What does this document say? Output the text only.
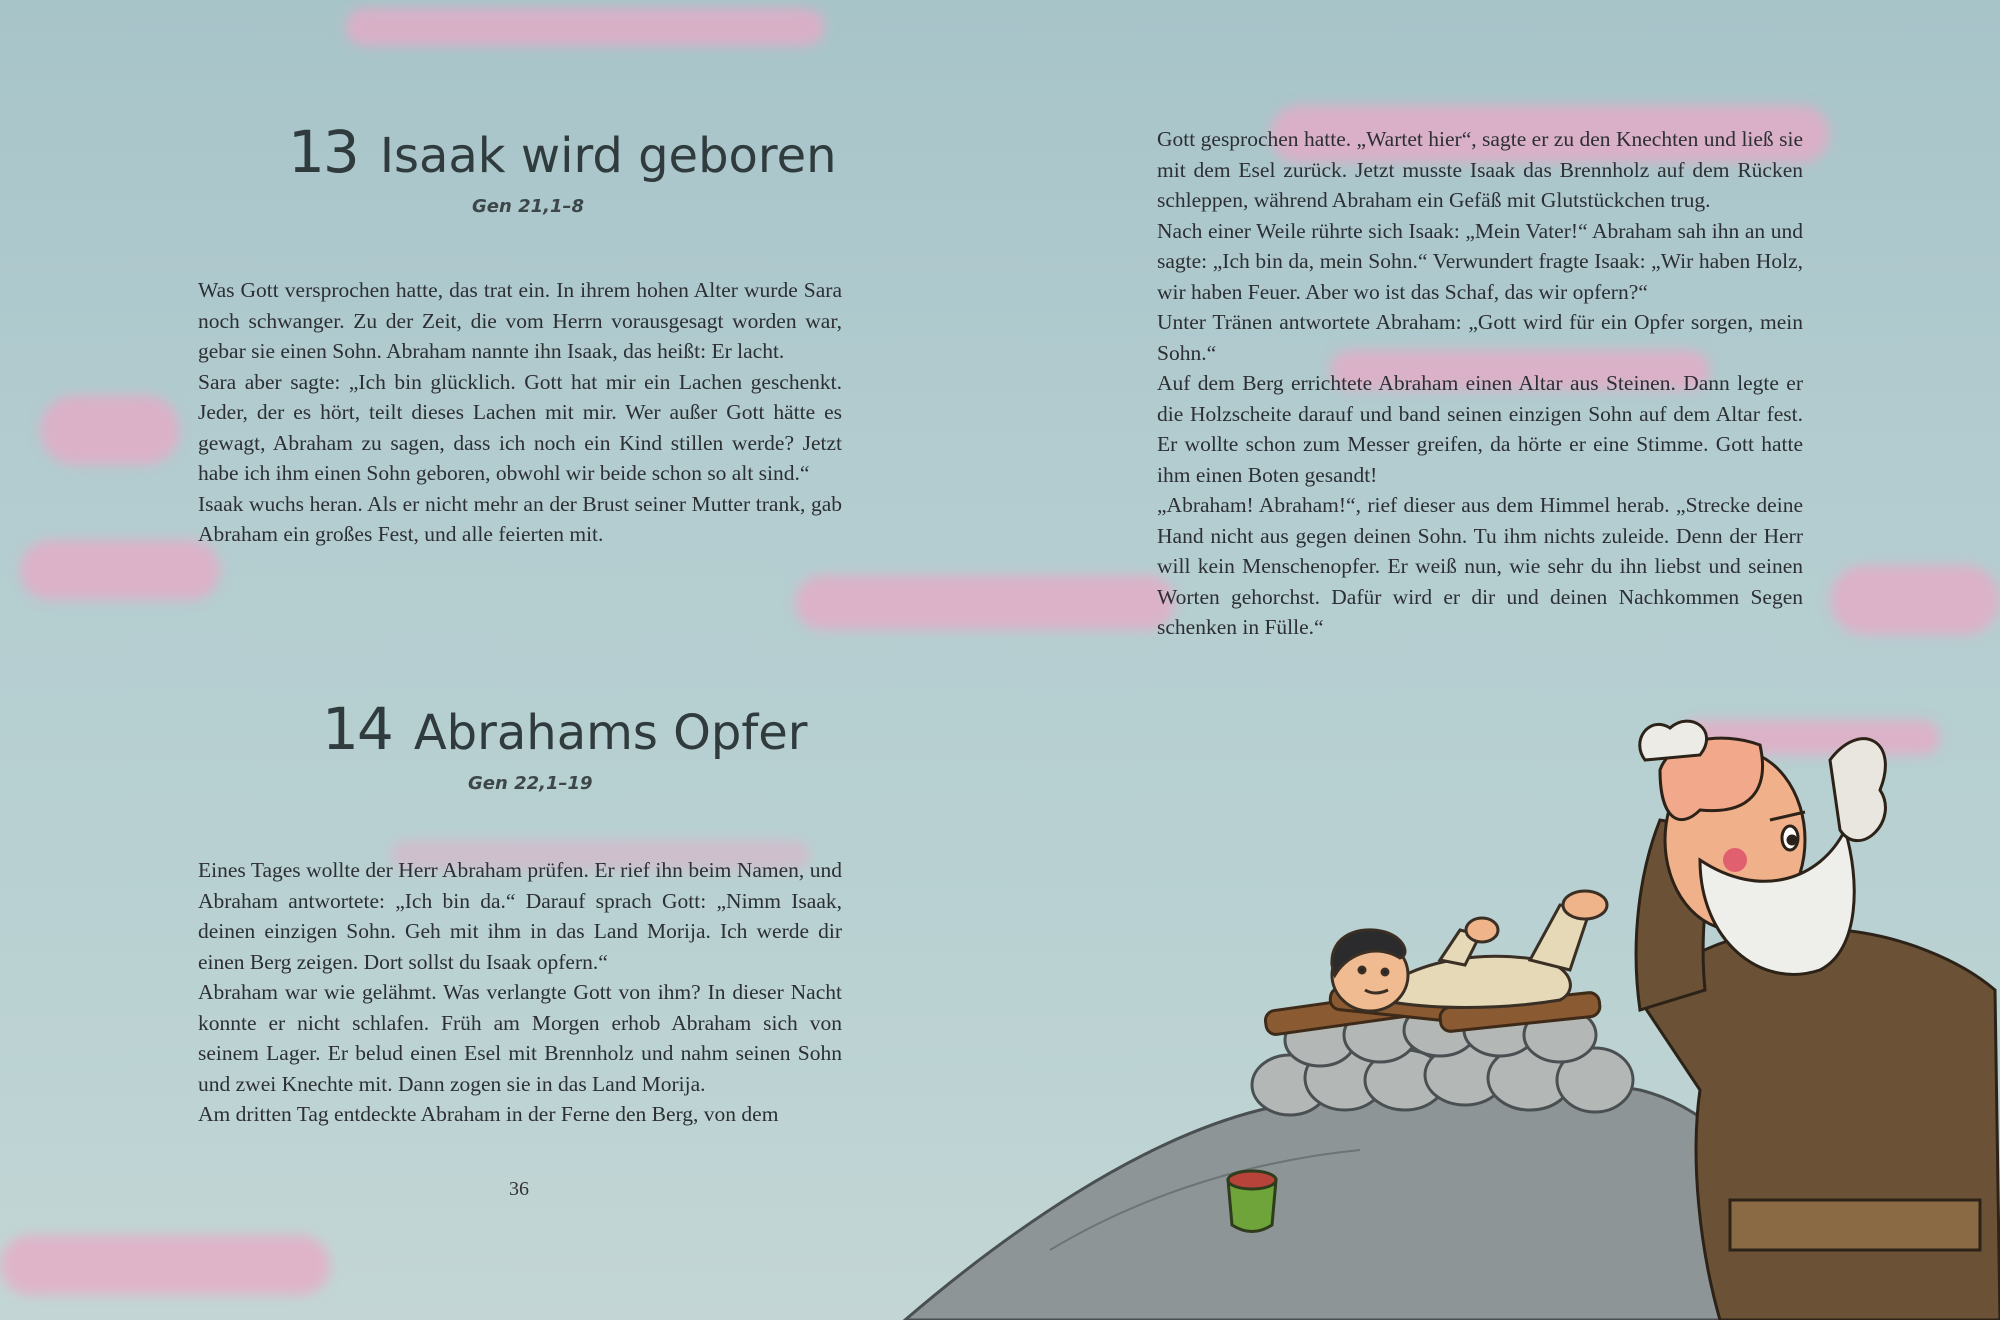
13 Isaak wird geboren
Gen 21,1–8

Was Gott versprochen hatte, das trat ein. In ihrem hohen Alter wurde Sara noch schwanger. Zu der Zeit, die vom Herrn vorausgesagt worden war, gebar sie einen Sohn. Abraham nannte ihn Isaak, das heißt: Er lacht.

Sara aber sagte: „Ich bin glücklich. Gott hat mir ein Lachen geschenkt. Jeder, der es hört, teilt dieses Lachen mit mir. Wer außer Gott hätte es gewagt, Abraham zu sagen, dass ich noch ein Kind stillen werde? Jetzt habe ich ihm einen Sohn geboren, obwohl wir beide schon so alt sind.“

Isaak wuchs heran. Als er nicht mehr an der Brust seiner Mutter trank, gab Abraham ein großes Fest, und alle feierten mit.

14 Abrahams Opfer
Gen 22,1–19

Eines Tages wollte der Herr Abraham prüfen. Er rief ihn beim Namen, und Abraham antwortete: „Ich bin da.“ Darauf sprach Gott: „Nimm Isaak, deinen einzigen Sohn. Geh mit ihm in das Land Morija. Ich werde dir einen Berg zeigen. Dort sollst du Isaak opfern.“

Abraham war wie gelähmt. Was verlangte Gott von ihm? In dieser Nacht konnte er nicht schlafen. Früh am Morgen erhob Abraham sich von seinem Lager. Er belud einen Esel mit Brennholz und nahm seinen Sohn und zwei Knechte mit. Dann zogen sie in das Land Morija.

Am dritten Tag entdeckte Abraham in der Ferne den Berg, von dem

36

Gott gesprochen hatte. „Wartet hier“, sagte er zu den Knechten und ließ sie mit dem Esel zurück. Jetzt musste Isaak das Brennholz auf dem Rücken schleppen, während Abraham ein Gefäß mit Glutstückchen trug.

Nach einer Weile rührte sich Isaak: „Mein Vater!“ Abraham sah ihn an und sagte: „Ich bin da, mein Sohn.“ Verwundert fragte Isaak: „Wir haben Holz, wir haben Feuer. Aber wo ist das Schaf, das wir opfern?“

Unter Tränen antwortete Abraham: „Gott wird für ein Opfer sorgen, mein Sohn.“

Auf dem Berg errichtete Abraham einen Altar aus Steinen. Dann legte er die Holzscheite darauf und band seinen einzigen Sohn auf dem Altar fest. Er wollte schon zum Messer greifen, da hörte er eine Stimme. Gott hatte ihm einen Boten gesandt!

„Abraham! Abraham!“, rief dieser aus dem Himmel herab. „Strecke deine Hand nicht aus gegen deinen Sohn. Tu ihm nichts zuleide. Denn der Herr will kein Menschenopfer. Er weiß nun, wie sehr du ihn liebst und seinen Worten gehorchst. Dafür wird er dir und deinen Nachkommen Segen schenken in Fülle.“
